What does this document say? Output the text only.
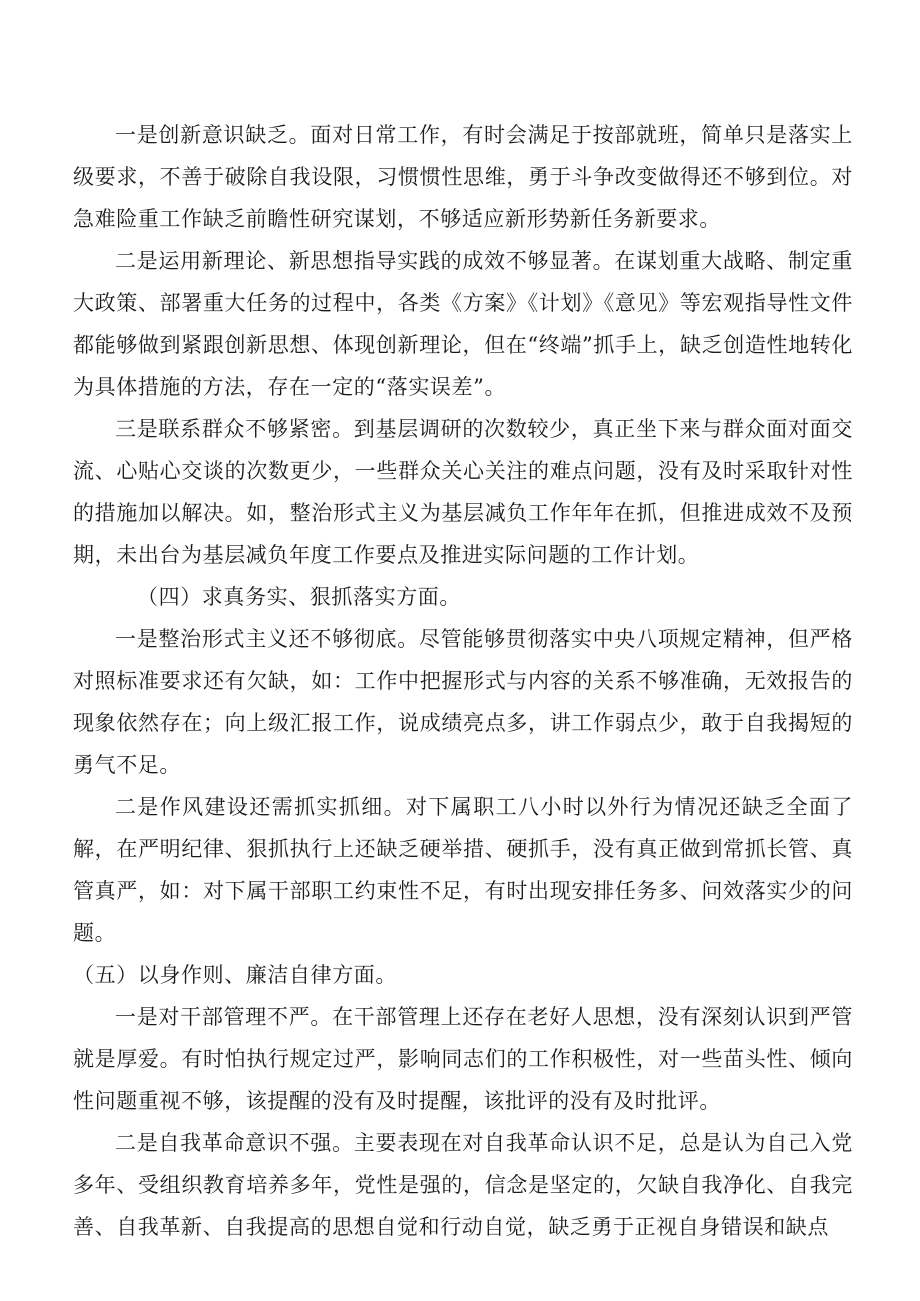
一是创新意识缺乏。面对日常工作，有时会满足于按部就班，简单只是落实上级要求，不善于破除自我设限，习惯惯性思维，勇于斗争改变做得还不够到位。对急难险重工作缺乏前瞻性研究谋划，不够适应新形势新任务新要求。

二是运用新理论、新思想指导实践的成效不够显著。在谋划重大战略、制定重大政策、部署重大任务的过程中，各类《方案》《计划》《意见》等宏观指导性文件都能够做到紧跟创新思想、体现创新理论，但在“终端”抓手上，缺乏创造性地转化为具体措施的方法，存在一定的“落实误差”。

三是联系群众不够紧密。到基层调研的次数较少，真正坐下来与群众面对面交流、心贴心交谈的次数更少，一些群众关心关注的难点问题，没有及时采取针对性的措施加以解决。如，整治形式主义为基层减负工作年年在抓，但推进成效不及预期，未出台为基层减负年度工作要点及推进实际问题的工作计划。

（四）求真务实、狠抓落实方面。

一是整治形式主义还不够彻底。尽管能够贯彻落实中央八项规定精神，但严格对照标准要求还有欠缺，如：工作中把握形式与内容的关系不够准确，无效报告的现象依然存在；向上级汇报工作，说成绩亮点多，讲工作弱点少，敢于自我揭短的勇气不足。

二是作风建设还需抓实抓细。对下属职工八小时以外行为情况还缺乏全面了解，在严明纪律、狠抓执行上还缺乏硬举措、硬抓手，没有真正做到常抓长管、真管真严，如：对下属干部职工约束性不足，有时出现安排任务多、问效落实少的问题。

（五）以身作则、廉洁自律方面。

一是对干部管理不严。在干部管理上还存在老好人思想，没有深刻认识到严管就是厚爱。有时怕执行规定过严，影响同志们的工作积极性，对一些苗头性、倾向性问题重视不够，该提醒的没有及时提醒，该批评的没有及时批评。

二是自我革命意识不强。主要表现在对自我革命认识不足，总是认为自己入党多年、受组织教育培养多年，党性是强的，信念是坚定的，欠缺自我净化、自我完善、自我革新、自我提高的思想自觉和行动自觉，缺乏勇于正视自身错误和缺点
